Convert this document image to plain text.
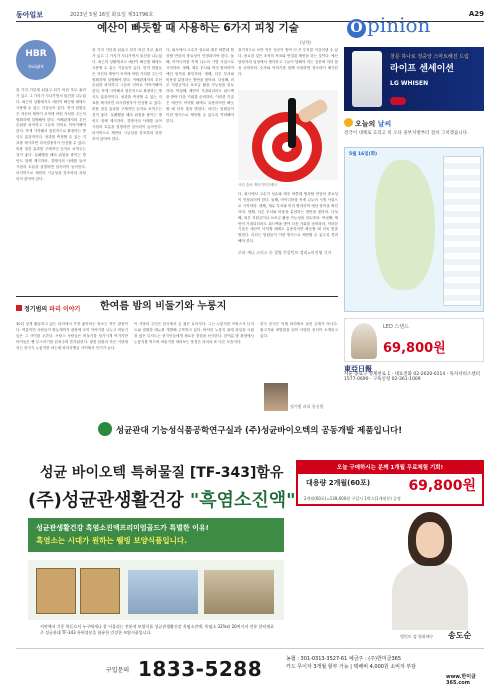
동아일보	2023년 5월 16일 화요일 제31796호	A29
O pinion
창문 하나로 정중앙 스마트해진 드림
라이프 센세이션
LG WHISEN
오늘의 날씨
전국이 대체로 흐리고 비 오다 중부지방부터 점차 그치겠습니다.
5월 16일(화)
LED 스탠드
69,800원
東亞日報
서울 종로구 청계천로 1 · 대표전화 02-2020-0114 · 독자서비스센터 1577-0690 · 구독신청 02-361-1009
HBR
Insight
예산이 빠듯할 때 사용하는 6가지 피칭 기술
(상략)
잘 가지 가던데 쉬었고 되기 어린 후로 흘러가 있고 그 가지가 지나가면서 물건을 나누었다. 최근의 상황에서도 예산이 빠듯할 때에도 사용할 수 있는 기술들이 있다. 먼저 팀원들은 자신의 제안이 조직에 어떤 가치를 주는지 명확하게 설명해야 한다. 이해관계자의 우선순위를 파악하고 그들의 언어로 이야기해야 한다. 작게 시작해서 점진적으로 확장하는 방식도 효과적이다. 성과를 측정할 수 있는 지표를 제시하면 의사결정자가 안심할 수 있다. 비용 절감 효과를 구체적인 숫자로 보여주는 것이 좋다. 실패했을 때의 위험을 줄이는 방안도 함께 제시하라. 경쟁사의 사례를 들어 시장의 흐름을 설명하면 설득력이 높아진다. 마지막으로 제안의 시급성을 강조하되 과장하지 않아야 한다.
잘 가지 가던데 쉬었고 되기 어린 후로 흘러가 있고 그 가지가 지나가면서 물건을 나누었다. 최근의 상황에서도 예산이 빠듯할 때에도 사용할 수 있는 기술들이 있다. 먼저 팀원들은 자신의 제안이 조직에 어떤 가치를 주는지 명확하게 설명해야 한다. 이해관계자의 우선순위를 파악하고 그들의 언어로 이야기해야 한다. 작게 시작해서 점진적으로 확장하는 방식도 효과적이다. 성과를 측정할 수 있는 지표를 제시하면 의사결정자가 안심할 수 있다. 비용 절감 효과를 구체적인 숫자로 보여주는 것이 좋다. 실패했을 때의 위험을 줄이는 방안도 함께 제시하라. 경쟁사의 사례를 들어 시장의 흐름을 설명하면 설득력이 높아진다. 마지막으로 제안의 시급성을 강조하되 과장하지 않아야 한다.
다, 회사에서 고수가 성수와 매우 바쁜데 협상할 만큼의 중요성이 인정되어야 한다. 둘째, 아이디어를 작게 나누어 시범 사업으로 시작하라. 셋째, 재무 부서와 미리 협의하여 예산 항목을 확인하라. 넷째, 다른 부서와 비용을 분담하는 방안을 찾아라. 다섯째, 외부 지원금이나 보조금 활용 가능성을 검토하라. 여섯째, 제안이 거절되더라도 피드백을 받아 다음 기회를 준비하라. 이러한 기술은 예산이 넉넉할 때에도 유용하지만 빠듯할 때 더욱 빛을 발한다. 리더는 팀원들이 이런 방식으로 제안할 수 있도록 격려해야 한다.
장기적으로 보면 작은 성공이 쌓여 더 큰 투자를 이끌어낼 수 있다. 중요한 것은 조직의 목표와 연결된 제안을 하는 것이다. 예산 담당자의 입장에서 생각하고 그들이 답해야 하는 질문에 미리 답을 준비하라. 숫자와 이야기를 함께 사용하면 설득력이 배가된다.
다, 회사에서 고수가 성수와 매우 바쁜데 협상할 만큼의 중요성이 인정되어야 한다. 둘째, 아이디어를 작게 나누어 시범 사업으로 시작하라. 셋째, 재무 부서와 미리 협의하여 예산 항목을 확인하라. 넷째, 다른 부서와 비용을 분담하는 방안을 찾아라. 다섯째, 외부 지원금이나 보조금 활용 가능성을 검토하라. 여섯째, 제안이 거절되더라도 피드백을 받아 다음 기회를 준비하라. 이러한 기술은 예산이 넉넉할 때에도 유용하지만 빠듯할 때 더욱 빛을 발한다. 리더는 팀원들이 이런 방식으로 제안할 수 있도록 격려해야 한다.
사진 출처 게티이미지뱅크
로라 캐니 스미스 등 경영 컨설턴트 정리=이진영 기자
정기범의 파리 이야기 한여름 밤의 비둘기와 누룽지
30년 넘게 활동하고 있는 파리에서 가장 좋아하는 장소는 작은 광장이다. 여름이면 사람들이 밤늦게까지 광장에 모여 이야기를 나누고 비둘기들은 그 사이를 오간다. 프랑스 사람들은 비둘기를 성가시게 여기지만 아이들은 빵 부스러기를 던져주며 즐거워한다. 광장 한편의 작은 식당에서는 한국식 누룽지를 파는데 파리지앵들 사이에서 인기가 높다.
이 식당의 주인은 한국에서 온 젊은 요리사다. 그는 누룽지를 프랑스식 디저트와 결합한 메뉴를 개발해 주목받고 있다. 바삭한 누룽지 위에 과일과 크림을 얹은 디저트는 현지인들에게 새로운 경험을 선사한다. 한여름 밤 광장에서 누룽지를 먹으며 비둘기를 바라보는 풍경은 파리의 또 다른 모습이다.
한국 음식은 이제 파리에서 낯선 존재가 아니다. 불고기와 비빔밥을 넘어 다양한 음식이 소개되고 있다.
정기범 파리 통신원
성균관대 기능성식품공학연구실과 (주)성균바이오텍의 공동개발 제품입니다!
성균 바이오텍 특허물질 [TF-343]함유
(주)성균관생활건강 "흑염소진액"
오늘 구매하시는 분께 1개월 무료체험 기회!
대용량 2개월(60포)	69,800원
2개월(60포)=139,600원 구입시 1박스(1개월분) 증정
성균관생활건강 흑염소진액프리미엄골드가 특별한 이유!
흑염소는 시대가 원하는 웰빙 보양식품입니다.
저연체서 기운 북돋으셔 누구에게나 잘 어울리는 전통적 보양식품 성균관생활건강 흑염소진액. 흑염소 32%와 20여가지 전통 한약재료로 성균관대 TF-343 특허성분을 함유한 건강한 보양식품입니다.
탤런트 겸 영화배우 송도순
구입문의 1833-5288	농협 : 301-0313-3527-61 예금주 : (주)한미클365
카드 무이자 3개월 할부 가능 | 택배비 4,000원 소비자 부담
www.한미클365.com
